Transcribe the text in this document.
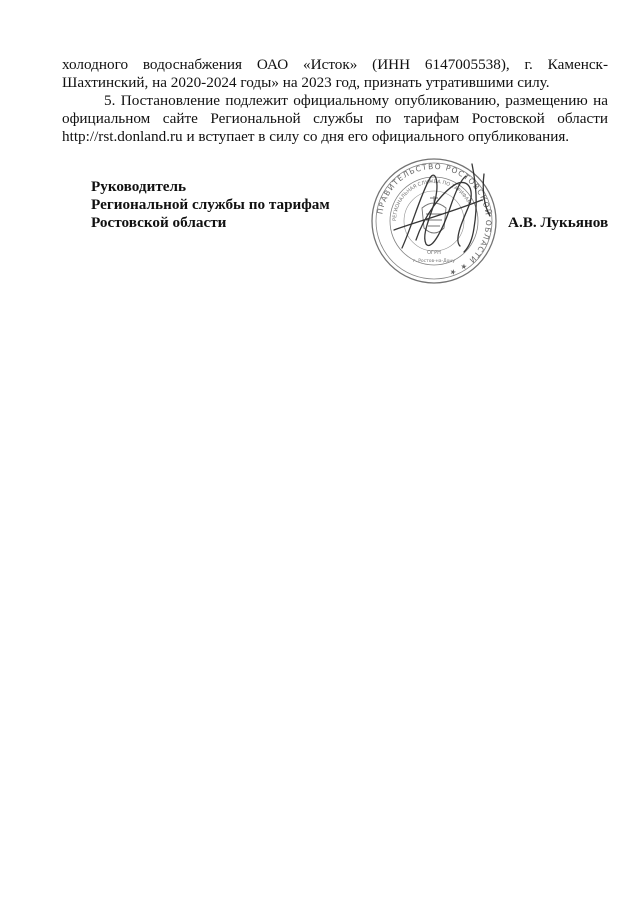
холодного водоснабжения ОАО «Исток» (ИНН 6147005538), г. Каменск-Шахтинский, на 2020-2024 годы» на 2023 год, признать утратившими силу.
5. Постановление подлежит официальному опубликованию, размещению на официальном сайте Региональной службы по тарифам Ростовской области http://rst.donland.ru и вступает в силу со дня его официального опубликования.
Руководитель
Региональной службы по тарифам
Ростовской области	А.В. Лукьянов
ПРАВИТЕЛЬСТВО РОСТОВСКОЙ ОБЛАСТИ ★ ★
РЕГИОНАЛЬНАЯ СЛУЖБА ПО ТАРИФАМ
ОГРН
г. Ростов-на-Дону
